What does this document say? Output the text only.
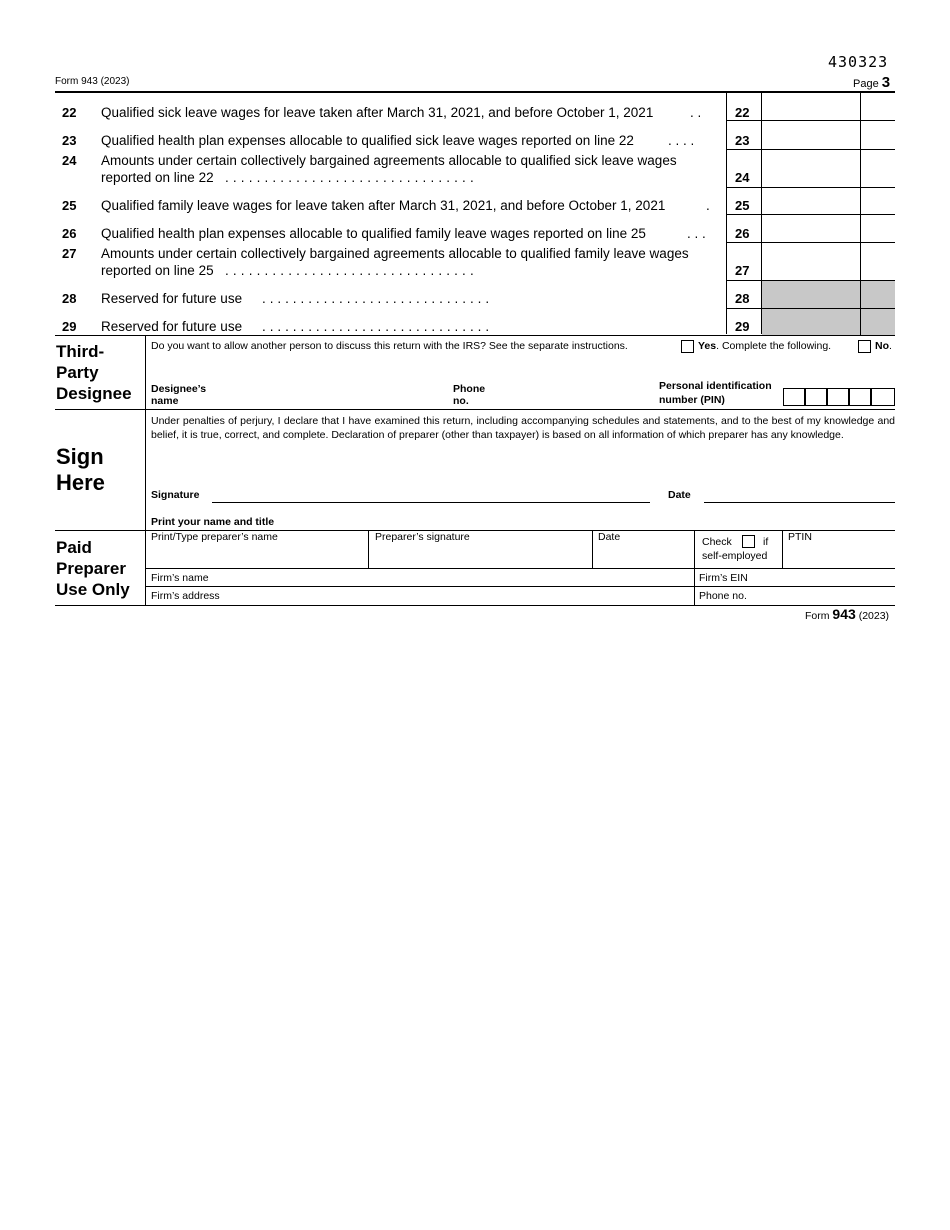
430323
Form 943 (2023)	Page 3
22 Qualified sick leave wages for leave taken after March 31, 2021, and before October 1, 2021	. .	22
23 Qualified health plan expenses allocable to qualified sick leave wages reported on line 22	. . . .	23
24 Amounts under certain collectively bargained agreements allocable to qualified sick leave wages
reported on line 22 . . . . . . . . . . . . . . . . . . . . . . . . . . . . . . . .	24
25 Qualified family leave wages for leave taken after March 31, 2021, and before October 1, 2021	. 25
26 Qualified health plan expenses allocable to qualified family leave wages reported on line 25	. . . 26
27 Amounts under certain collectively bargained agreements allocable to qualified family leave wages
reported on line 25 . . . . . . . . . . . . . . . . . . . . . . . . . . . . . . . .	27
28 Reserved for future use . . . . . . . . . . . . . . . . . . . . . . . . . . . . . .	28
29 Reserved for future use . . . . . . . . . . . . . . . . . . . . . . . . . . . . . .	29
Third-
Party
Designee
Do you want to allow another person to discuss this return with the IRS? See the separate instructions.	Yes. Complete the following.	No.
Designee’s
name
Phone
no.
Personal identification
number (PIN)
Sign
Here
Under penalties of perjury, I declare that I have examined this return, including accompanying schedules and statements, and to the best of my knowledge and belief, it is true, correct, and complete. Declaration of preparer (other than taxpayer) is based on all information of which preparer has any knowledge.
Signature	Date
Print your name and title
Paid
Preparer
Use Only
Print/Type preparer’s name	Preparer’s signature	Date	Check	if
self-employed
PTIN
Firm’s name	Firm’s EIN
Firm’s address	Phone no.
Form 943 (2023)
